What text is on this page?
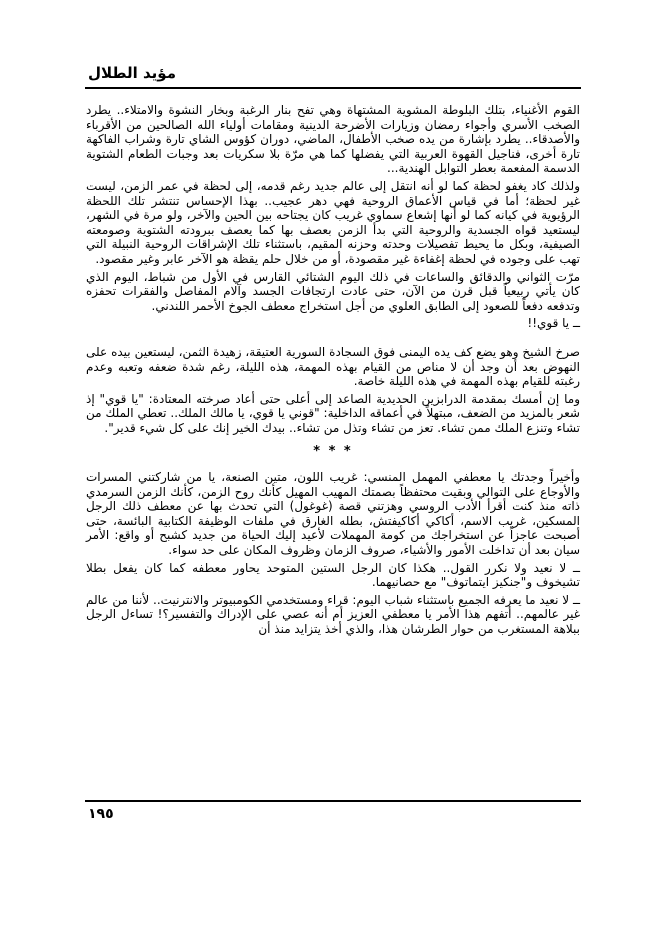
مؤيد الطلال

القوم الأغنياء، بتلك البلوطة المشوية المشتهاة وهي تفح بنار الرغبة وبخار النشوة والامتلاء.. يطرد الصخب الأسري وأجواء رمضان وزيارات الأضرحة الدينية ومقامات أولياء الله الصالحين من الأقرباء والأصدقاء.. يطرد بإشارة من يده صخب الأطفال، الماضي، دوران كؤوس الشاي تارة وشراب الفاكهة تارة أخرى، فناجيل القهوة العربية التي يفضلها كما هي مرّة بلا سكريات بعد وجبات الطعام الشتوية الدسمة المفعمة بعطر التوابل الهندية...

ولذلك كاد يغفو لحظة كما لو أنه انتقل إلى عالم جديد رغم قدمه، إلى لحظة في عمر الزمن، ليست غير لحظة؛ أما في قياس الأعماق الروحية فهي دهر عجيب.. بهذا الإحساس تنتشر تلك اللحظة الرؤيوية في كيانه كما لو أنها إشعاع سماوي غريب كان يجتاحه بين الحين والآخر، ولو مرة في الشهر، ليستعيد قواه الجسدية والروحية التي بدأ الزمن بعصف بها كما يعصف ببرودته الشتوية وصومعته الصيفية، وبكل ما يحيط تفصيلات وحدته وحزنه المقيم، باستثناء تلك الإشراقات الروحية النبيلة التي تهب على وجوده في لحظة إغفاءة غير مقصودة، أو من خلال حلم يقظة هو الآخر عابر وغير مقصود.

مرّت الثواني والدقائق والساعات في ذلك اليوم الشتائي القارس في الأول من شباط، اليوم الذي كان يأتي ربيعياً قبل قرن من الآن، حتى عادت ارتجافات الجسد وآلام المفاصل والفقرات تحفزه وتدفعه دفعاً للصعود إلى الطابق العلوي من أجل استخراج معطف الجوخ الأحمر اللندني.

ــ يا قوي!!

صرخ الشيخ وهو يضع كف يده اليمنى فوق السجادة السورية العتيقة، زهيدة الثمن، ليستعين بيده على النهوض بعد أن وجد أن لا مناص من القيام بهذه المهمة، هذه الليلة، رغم شدة ضعفه وتعبه وعدم رغبته للقيام بهذه المهمة في هذه الليلة خاصة.

وما إن أمسك بمقدمة الدرابزين الحديدية الصاعد إلى أعلى حتى أعاد صرخته المعتادة: "يا قوي" إذ شعر بالمزيد من الضعف، مبتهلاً في أعماقه الداخلية: "قوني يا قوي، يا مالك الملك.. تعطي الملك من تشاء وتنزع الملك ممن تشاء. تعز من تشاء وتذل من تشاء.. بيدك الخير إنك على كل شيء قدير".

* * *

وأخيراً وجدتك يا معطفي المهمل المنسي: غريب اللون، متين الصنعة، يا من شاركتني المسرات والأوجاع على التوالي وبقيت محتفظاً بصمتك المهيب المهيل كأنك روح الزمن، كأنك الزمن السرمدي ذاته منذ كنت أقرأ الأدب الروسي وهزتني قصة (غوغول) التي تحدث بها عن معطف ذلك الرجل المسكين، غريب الاسم، أكاكي أكاكيفتش، بطله الغارق في ملفات الوظيفة الكتابية البائسة، حتى أصبحت عاجزاً عن استخراجك من كومة المهملات لأعيد إليك الحياة من جديد كشبح أو واقع: الأمر سيان بعد أن تداخلت الأمور والأشياء، صروف الزمان وظروف المكان على حد سواء.

ــ لا نعيد ولا نكرر القول.. هكذا كان الرجل الستين المتوحد يحاور معطفه كما كان يفعل بطلا تشيخوف و"جنكيز ايتماتوف" مع حصانيهما.

ــ لا نعيد ما يعرفه الجميع باستثناء شباب اليوم: قراء ومستخدمي الكومبيوتر والانترنيت.. لأننا من عالم غير عالمهم.. أتفهم هذا الأمر يا معطفي العزيز أم أنه عصي على الإدراك والتفسير؟! تساءل الرجل ببلاهة المستغرب من حوار الطرشان هذا، والذي أخذ يتزايد منذ أن

١٩٥
